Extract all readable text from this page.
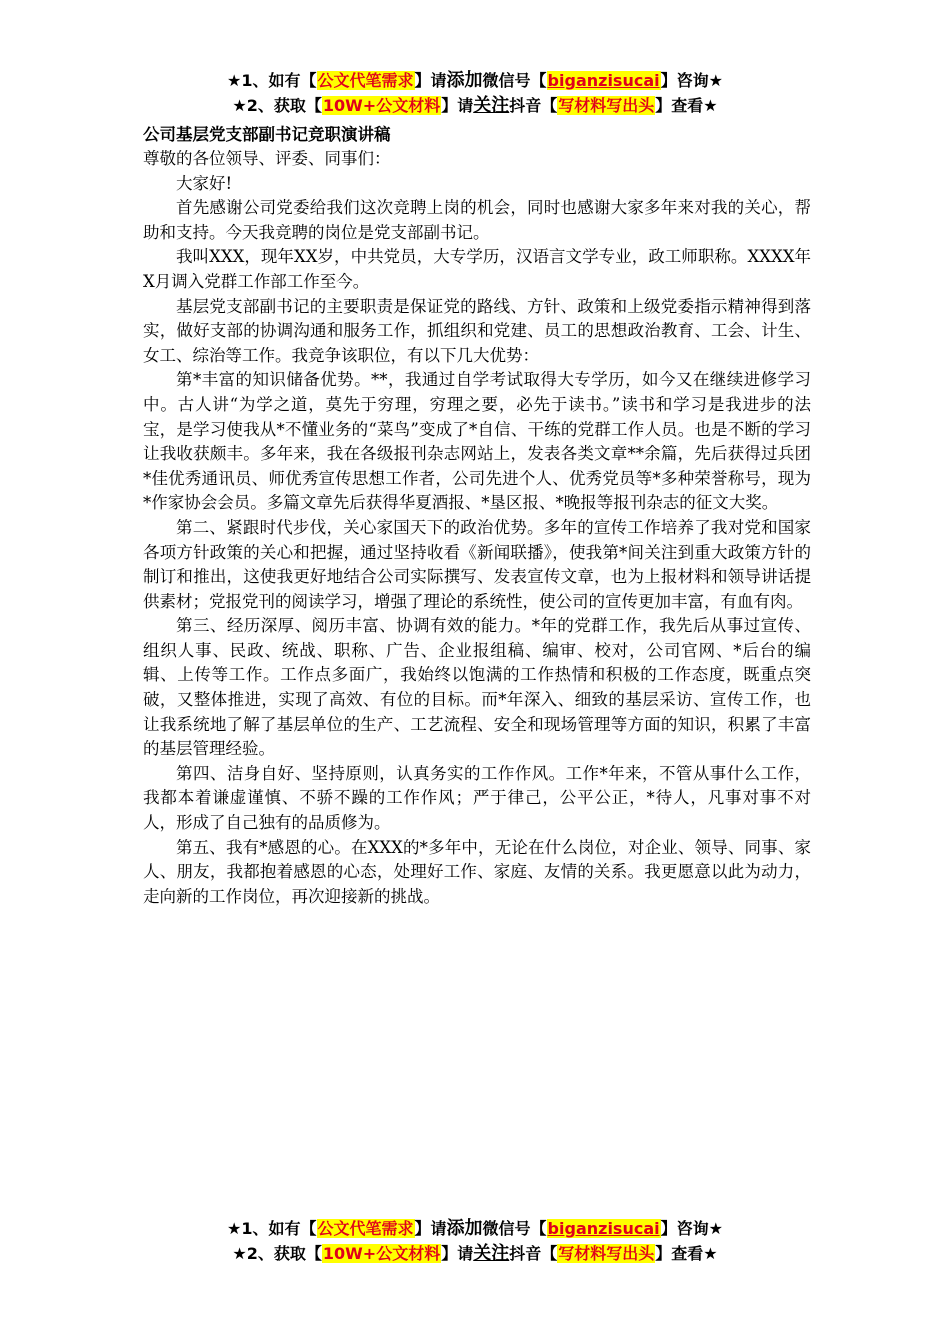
★1、如有【公文代笔需求】请添加微信号【biganzisucai】咨询★
★2、获取【10W+公文材料】请关注抖音【写材料写出头】查看★
公司基层党支部副书记竞职演讲稿

尊敬的各位领导、评委、同事们：

大家好!

首先感谢公司党委给我们这次竞聘上岗的机会，同时也感谢大家多年来对我的关心，帮助和支持。今天我竞聘的岗位是党支部副书记。

我叫XXX，现年XX岁，中共党员，大专学历，汉语言文学专业，政工师职称。XXXX年X月调入党群工作部工作至今。

基层党支部副书记的主要职责是保证党的路线、方针、政策和上级党委指示精神得到落实，做好支部的协调沟通和服务工作，抓组织和党建、员工的思想政治教育、工会、计生、女工、综治等工作。我竞争该职位，有以下几大优势：

第*丰富的知识储备优势。**，我通过自学考试取得大专学历，如今又在继续进修学习中。古人讲“为学之道，莫先于穷理，穷理之要，必先于读书。”读书和学习是我进步的法宝，是学习使我从*不懂业务的“菜鸟”变成了*自信、干练的党群工作人员。也是不断的学习让我收获颇丰。多年来，我在各级报刊杂志网站上，发表各类文章**余篇，先后获得过兵团*佳优秀通讯员、师优秀宣传思想工作者，公司先进个人、优秀党员等*多种荣誉称号，现为*作家协会会员。多篇文章先后获得华夏酒报、*垦区报、*晚报等报刊杂志的征文大奖。

第二、紧跟时代步伐，关心家国天下的政治优势。多年的宣传工作培养了我对党和国家各项方针政策的关心和把握，通过坚持收看《新闻联播》，使我第*间关注到重大政策方针的制订和推出，这使我更好地结合公司实际撰写、发表宣传文章，也为上报材料和领导讲话提供素材；党报党刊的阅读学习，增强了理论的系统性，使公司的宣传更加丰富，有血有肉。

第三、经历深厚、阅历丰富、协调有效的能力。*年的党群工作，我先后从事过宣传、组织人事、民政、统战、职称、广告、企业报组稿、编审、校对，公司官网、*后台的编辑、上传等工作。工作点多面广，我始终以饱满的工作热情和积极的工作态度，既重点突破，又整体推进，实现了高效、有位的目标。而*年深入、细致的基层采访、宣传工作，也让我系统地了解了基层单位的生产、工艺流程、安全和现场管理等方面的知识，积累了丰富的基层管理经验。

第四、洁身自好、坚持原则，认真务实的工作作风。工作*年来，不管从事什么工作，我都本着谦虚谨慎、不骄不躁的工作作风；严于律己，公平公正，*待人，凡事对事不对人，形成了自己独有的品质修为。

第五、我有*感恩的心。在XXX的*多年中，无论在什么岗位，对企业、领导、同事、家人、朋友，我都抱着感恩的心态，处理好工作、家庭、友情的关系。我更愿意以此为动力，走向新的工作岗位，再次迎接新的挑战。

★1、如有【公文代笔需求】请添加微信号【biganzisucai】咨询★
★2、获取【10W+公文材料】请关注抖音【写材料写出头】查看★
